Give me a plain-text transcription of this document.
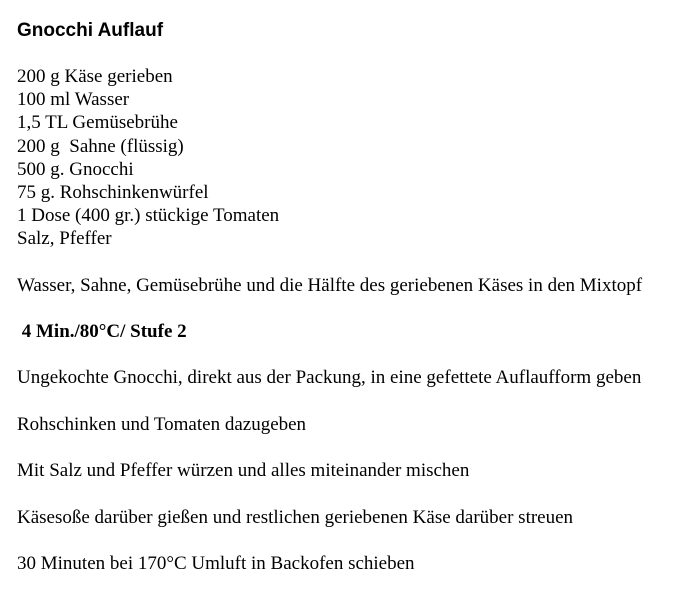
Gnocchi Auflauf
200 g Käse gerieben
100 ml Wasser
1,5 TL Gemüsebrühe
200 g  Sahne (flüssig)
500 g. Gnocchi
75 g. Rohschinkenwürfel
1 Dose (400 gr.) stückige Tomaten
Salz, Pfeffer

Wasser, Sahne, Gemüsebrühe und die Hälfte des geriebenen Käses in den Mixtopf

4 Min./80°C/ Stufe 2

Ungekochte Gnocchi, direkt aus der Packung, in eine gefettete Auflaufform geben

Rohschinken und Tomaten dazugeben

Mit Salz und Pfeffer würzen und alles miteinander mischen

Käsesoße darüber gießen und restlichen geriebenen Käse darüber streuen

30 Minuten bei 170°C Umluft in Backofen schieben
